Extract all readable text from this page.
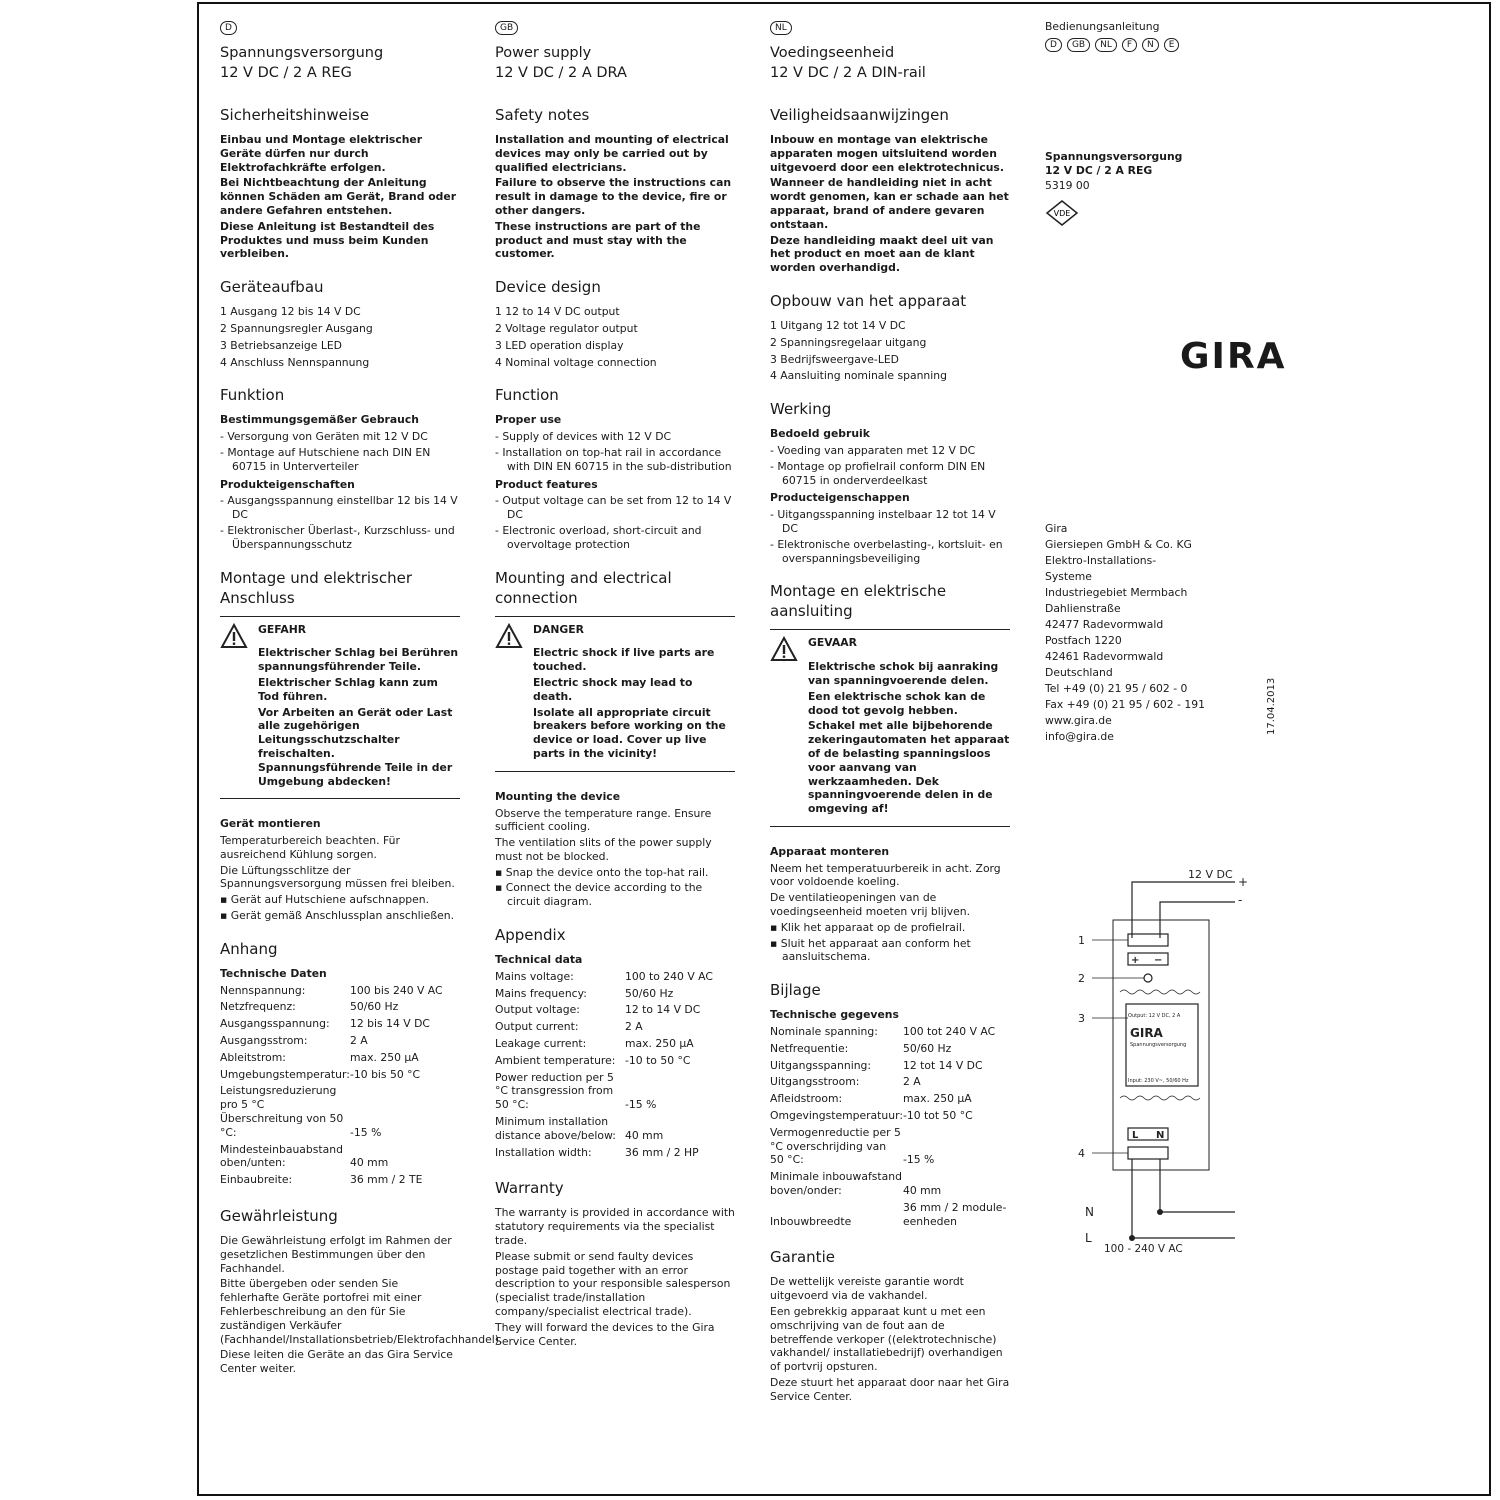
D
Spannungsversorgung
12 V DC / 2 A REG
Sicherheitshinweise

Einbau und Montage elektrischer Geräte dürfen nur durch Elektrofachkräfte erfolgen.

Bei Nichtbeachtung der Anleitung können Schäden am Gerät, Brand oder andere Gefahren entstehen.

Diese Anleitung ist Bestandteil des Produktes und muss beim Kunden verbleiben.

Geräteaufbau
1 Ausgang 12 bis 14 V DC
2 Spannungsregler Ausgang
3 Betriebsanzeige LED
4 Anschluss Nennspannung
Funktion
Bestimmungsgemäßer Gebrauch

- Versorgung von Geräten mit 12 V DC

- Montage auf Hutschiene nach DIN EN 60715 in Unterverteiler

Produkteigenschaften

- Ausgangsspannung einstellbar 12 bis 14 V DC

- Elektronischer Überlast-, Kurzschluss- und Überspannungsschutz

Montage und elektrischer Anschluss

GEFAHR

Elektrischer Schlag bei Berühren spannungsführender Teile.

Elektrischer Schlag kann zum Tod führen.

Vor Arbeiten an Gerät oder Last alle zugehörigen Leitungsschutzschalter freischalten. Spannungsführende Teile in der Umgebung abdecken!

Gerät montieren

Temperaturbereich beachten. Für ausreichend Kühlung sorgen.

Die Lüftungsschlitze der Spannungsversorgung müssen frei bleiben.

▪ Gerät auf Hutschiene aufschnappen.

▪ Gerät gemäß Anschlussplan anschließen.

Anhang
Technische Daten
Nennspannung:	100 bis 240 V AC
Netzfrequenz:	50/60 Hz
Ausgangsspannung:	12 bis 14 V DC
Ausgangsstrom:	2 A
Ableitstrom:	max. 250 µA
Umgebungstemperatur:	-10 bis 50 °C
Leistungsreduzierung pro 5 °C Überschreitung von 50 °C:	-15 %
Mindesteinbauabstand oben/unten:	40 mm
Einbaubreite:	36 mm / 2 TE
Gewährleistung

Die Gewährleistung erfolgt im Rahmen der gesetzlichen Bestimmungen über den Fachhandel.

Bitte übergeben oder senden Sie fehlerhafte Geräte portofrei mit einer Fehlerbeschreibung an den für Sie zuständigen Verkäufer (Fachhandel/Installationsbetrieb/Elektrofachhandel).

Diese leiten die Geräte an das Gira Service Center weiter.

GB
Power supply
12 V DC / 2 A DRA
Safety notes

Installation and mounting of electrical devices may only be carried out by qualified electricians.

Failure to observe the instructions can result in damage to the device, fire or other dangers.

These instructions are part of the product and must stay with the customer.

Device design
1 12 to 14 V DC output
2 Voltage regulator output
3 LED operation display
4 Nominal voltage connection
Function
Proper use

- Supply of devices with 12 V DC

- Installation on top-hat rail in accordance with DIN EN 60715 in the sub-distribution

Product features

- Output voltage can be set from 12 to 14 V DC

- Electronic overload, short-circuit and overvoltage protection

Mounting and electrical connection

DANGER

Electric shock if live parts are touched.

Electric shock may lead to death.

Isolate all appropriate circuit breakers before working on the device or load. Cover up live parts in the vicinity!

Mounting the device

Observe the temperature range. Ensure sufficient cooling.

The ventilation slits of the power supply must not be blocked.

▪ Snap the device onto the top-hat rail.

▪ Connect the device according to the circuit diagram.

Appendix
Technical data
Mains voltage:	100 to 240 V AC
Mains frequency:	50/60 Hz
Output voltage:	12 to 14 V DC
Output current:	2 A
Leakage current:	max. 250 µA
Ambient temperature:	-10 to 50 °C
Power reduction per 5 °C transgression from 50 °C:	-15 %
Minimum installation distance above/below:	40 mm
Installation width:	36 mm / 2 HP
Warranty

The warranty is provided in accordance with statutory requirements via the specialist trade.

Please submit or send faulty devices postage paid together with an error description to your responsible salesperson (specialist trade/installation company/specialist electrical trade).

They will forward the devices to the Gira Service Center.

NL
Voedingseenheid
12 V DC / 2 A DIN-rail
Veiligheidsaanwijzingen

Inbouw en montage van elektrische apparaten mogen uitsluitend worden uitgevoerd door een elektrotechnicus.

Wanneer de handleiding niet in acht wordt genomen, kan er schade aan het apparaat, brand of andere gevaren ontstaan.

Deze handleiding maakt deel uit van het product en moet aan de klant worden overhandigd.

Opbouw van het apparaat
1 Uitgang 12 tot 14 V DC
2 Spanningsregelaar uitgang
3 Bedrijfsweergave-LED
4 Aansluiting nominale spanning
Werking
Bedoeld gebruik

- Voeding van apparaten met 12 V DC

- Montage op profielrail conform DIN EN 60715 in onderverdeelkast

Producteigenschappen

- Uitgangsspanning instelbaar 12 tot 14 V DC

- Elektronische overbelasting-, kortsluit- en overspanningsbeveiliging

Montage en elektrische aansluiting

GEVAAR

Elektrische schok bij aanraking van spanningvoerende delen.

Een elektrische schok kan de dood tot gevolg hebben.

Schakel met alle bijbehorende zekeringautomaten het apparaat of de belasting spanningsloos voor aanvang van werkzaamheden. Dek spanningvoerende delen in de omgeving af!

Apparaat monteren

Neem het temperatuurbereik in acht. Zorg voor voldoende koeling.

De ventilatieopeningen van de voedingseenheid moeten vrij blijven.

▪ Klik het apparaat op de profielrail.

▪ Sluit het apparaat aan conform het aansluitschema.

Bijlage
Technische gegevens
Nominale spanning:	100 tot 240 V AC
Netfrequentie:	50/60 Hz
Uitgangsspanning:	12 tot 14 V DC
Uitgangsstroom:	2 A
Afleidstroom:	max. 250 µA
Omgevingstemperatuur:	-10 tot 50 °C
Vermogenreductie per 5 °C overschrijding van 50 °C:	-15 %
Minimale inbouwafstand boven/onder:	40 mm
Inbouwbreedte	36 mm / 2 module-eenheden
Garantie

De wettelijk vereiste garantie wordt uitgevoerd via de vakhandel.

Een gebrekkig apparaat kunt u met een omschrijving van de fout aan de betreffende verkoper ((elektrotechnische) vakhandel/ installatiebedrijf) overhandigen of portvrij opsturen.

Deze stuurt het apparaat door naar het Gira Service Center.

Bedienungsanleitung
D GB NL F N E
Spannungsversorgung
12 V DC / 2 A REG
5319 00
VDE
GIRA

Gira

Giersiepen GmbH & Co. KG

Elektro-Installations-

Systeme

Industriegebiet Mermbach

Dahlienstraße

42477 Radevormwald

Postfach 1220

42461 Radevormwald

Deutschland

Tel +49 (0) 21 95 / 602 - 0

Fax +49 (0) 21 95 / 602 - 191

www.gira.de

info@gira.de

17.04.2013
12 V DC
+
-
1
2
3
4
N
L
100 - 240 V AC
Output: 12 V DC, 2 A
GIRA
Spannungsversorgung
Input: 230 V~, 50/60 Hz
L N
+ −
